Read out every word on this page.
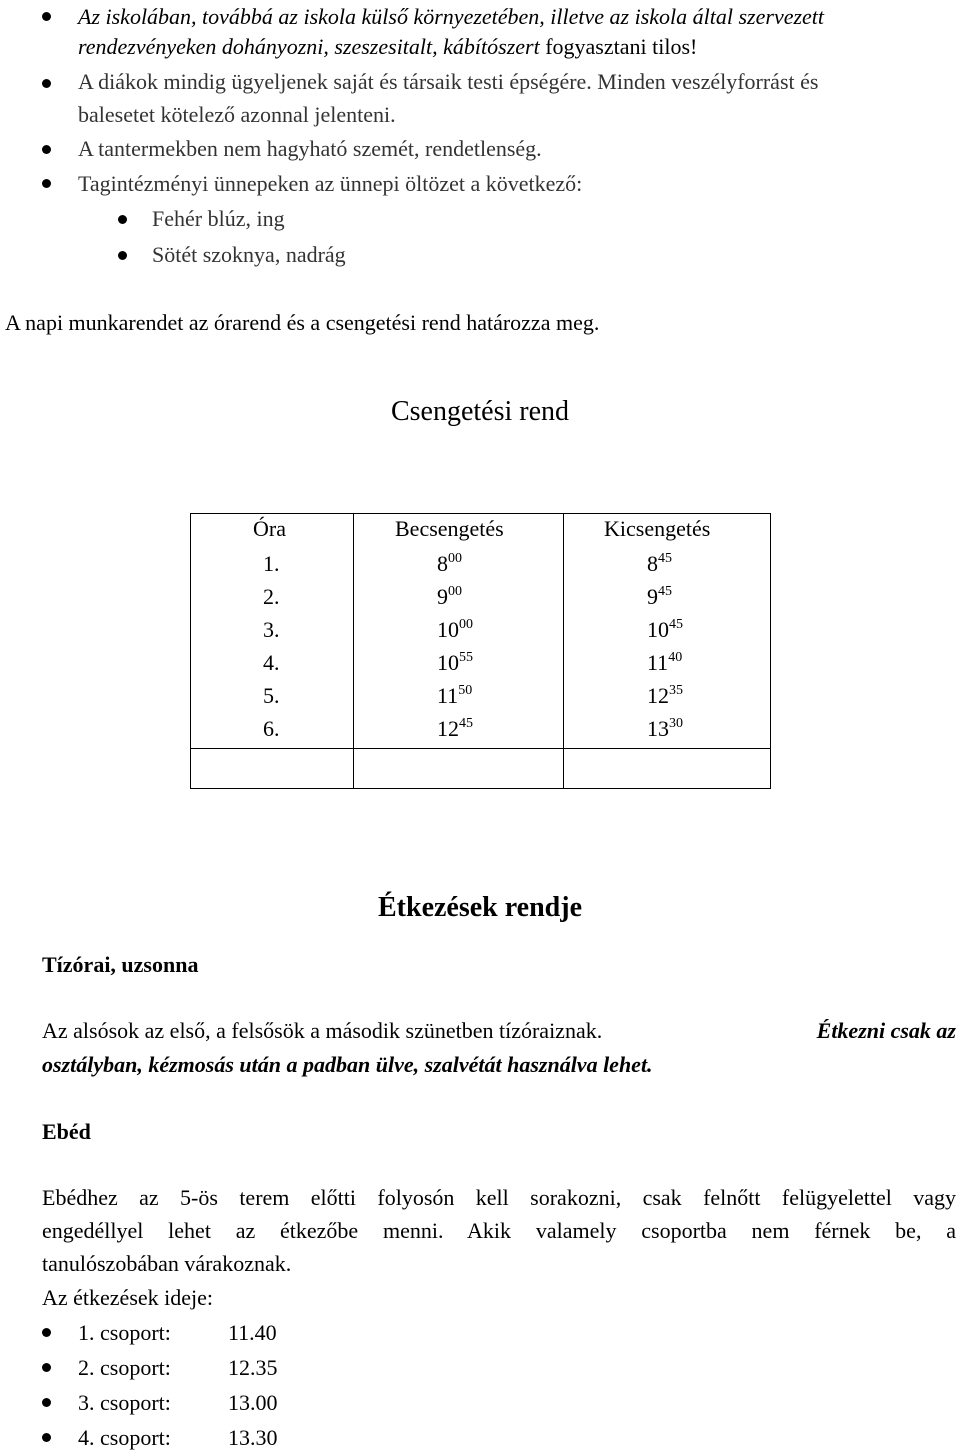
Az iskolában, továbbá az iskola külső környezetében, illetve az iskola által szervezett
rendezvényeken dohányozni, szeszesitalt, kábítószert fogyasztani tilos!
A diákok mindig ügyeljenek saját és társaik testi épségére. Minden veszélyforrást és
balesetet kötelező azonnal jelenteni.
A tantermekben nem hagyható szemét, rendetlenség.
Tagintézményi ünnepeken az ünnepi öltözet a következő:
Fehér blúz, ing
Sötét szoknya, nadrág
A napi munkarendet az órarend és a csengetési rend határozza meg.
Csengetési rend
Óra	Becsengetés	Kicsengetés
1.	$8^{00}$	$8^{45}$
2.	$9^{00}$	$9^{45}$
3.	$10^{00}$	$10^{45}$
4.	$10^{55}$	$11^{40}$
5.	$11^{50}$	$12^{35}$
6.	$12^{45}$	$13^{30}$
Étkezések rendje
Tízórai, uzsonna
Az alsósok az első, a felsősök a második szünetben tízóraiznak.	Étkezni csak az
osztályban, kézmosás után a padban ülve, szalvétát használva lehet.
Ebéd
Ebédhez az 5-ös terem előtti folyosón kell sorakozni, csak felnőtt felügyelettel vagy
engedéllyel lehet az étkezőbe menni. Akik valamely csoportba nem férnek be, a
tanulószobában várakoznak.
Az étkezések ideje:
1. csoport:	11.40
2. csoport:	12.35
3. csoport:	13.00
4. csoport:	13.30
